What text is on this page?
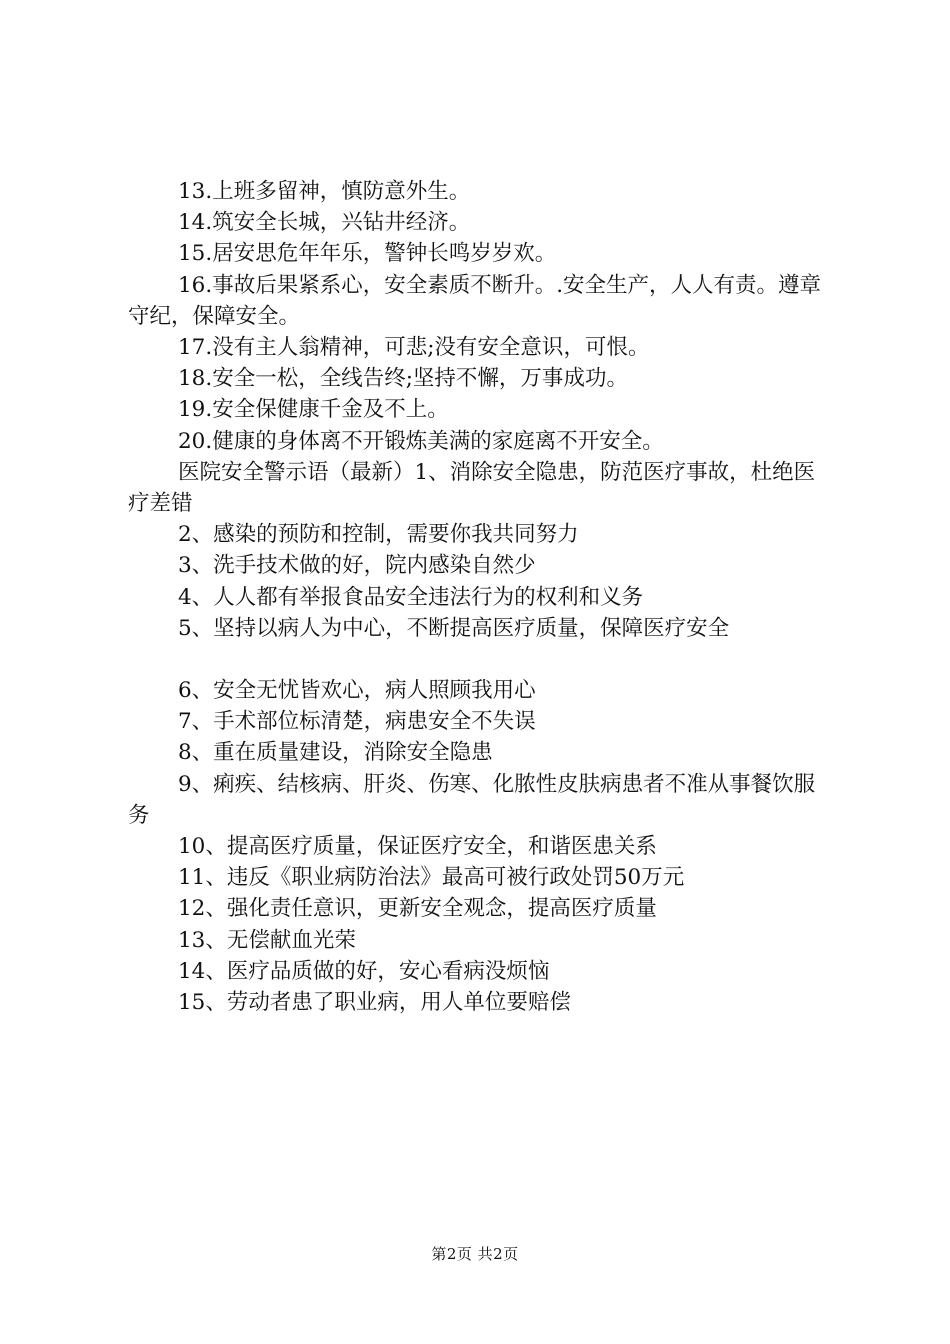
13.上班多留神，慎防意外生。

14.筑安全长城，兴钻井经济。

15.居安思危年年乐，警钟长鸣岁岁欢。

16.事故后果紧系心，安全素质不断升。.安全生产，人人有责。遵章守纪，保障安全。

17.没有主人翁精神，可悲;没有安全意识，可恨。

18.安全一松，全线告终;坚持不懈，万事成功。

19.安全保健康千金及不上。

20.健康的身体离不开锻炼美满的家庭离不开安全。

医院安全警示语（最新）1、消除安全隐患，防范医疗事故，杜绝医疗差错

2、感染的预防和控制，需要你我共同努力

3、洗手技术做的好，院内感染自然少

4、人人都有举报食品安全违法行为的权利和义务

5、坚持以病人为中心，不断提高医疗质量，保障医疗安全

6、安全无忧皆欢心，病人照顾我用心

7、手术部位标清楚，病患安全不失误

8、重在质量建设，消除安全隐患

9、痢疾、结核病、肝炎、伤寒、化脓性皮肤病患者不准从事餐饮服务

10、提高医疗质量，保证医疗安全，和谐医患关系

11、违反《职业病防治法》最高可被行政处罚50万元

12、强化责任意识，更新安全观念，提高医疗质量

13、无偿献血光荣

14、医疗品质做的好，安心看病没烦恼

15、劳动者患了职业病，用人单位要赔偿

第2页 共2页
